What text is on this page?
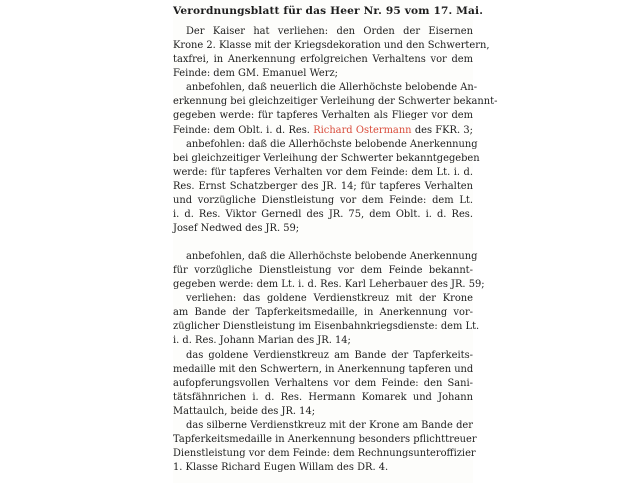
Verordnungsblatt für das Heer Nr. 95 vom 17. Mai.
Der Kaiser hat verliehen: den Orden der Eisernen
Krone 2. Klasse mit der Kriegsdekoration und den Schwertern,
taxfrei, in Anerkennung erfolgreichen Verhaltens vor dem
Feinde: dem GM. Emanuel Werz;
anbefohlen, daß neuerlich die Allerhöchste belobende An-
erkennung bei gleichzeitiger Verleihung der Schwerter bekannt-
gegeben werde: für tapferes Verhalten als Flieger vor dem
Feinde: dem Oblt. i. d. Res. Richard Ostermann des FKR. 3;
anbefohlen: daß die Allerhöchste belobende Anerkennung
bei gleichzeitiger Verleihung der Schwerter bekanntgegeben
werde: für tapferes Verhalten vor dem Feinde: dem Lt. i. d.
Res. Ernst Schatzberger des JR. 14; für tapferes Verhalten
und vorzügliche Dienstleistung vor dem Feinde: dem Lt.
i. d. Res. Viktor Gernedl des JR. 75, dem Oblt. i. d. Res.
Josef Nedwed des JR. 59;
anbefohlen, daß die Allerhöchste belobende Anerkennung
für vorzügliche Dienstleistung vor dem Feinde bekannt-
gegeben werde: dem Lt. i. d. Res. Karl Leherbauer des JR. 59;
verliehen: das goldene Verdienstkreuz mit der Krone
am Bande der Tapferkeitsmedaille, in Anerkennung vor-
züglicher Dienstleistung im Eisenbahnkriegsdienste: dem Lt.
i. d. Res. Johann Marian des JR. 14;
das goldene Verdienstkreuz am Bande der Tapferkeits-
medaille mit den Schwertern, in Anerkennung tapferen und
aufopferungsvollen Verhaltens vor dem Feinde: den Sani-
tätsfähnrichen i. d. Res. Hermann Komarek und Johann
Mattaulch, beide des JR. 14;
das silberne Verdienstkreuz mit der Krone am Bande der
Tapferkeitsmedaille in Anerkennung besonders pflichttreuer
Dienstleistung vor dem Feinde: dem Rechnungsunteroffizier
1. Klasse Richard Eugen Willam des DR. 4.
